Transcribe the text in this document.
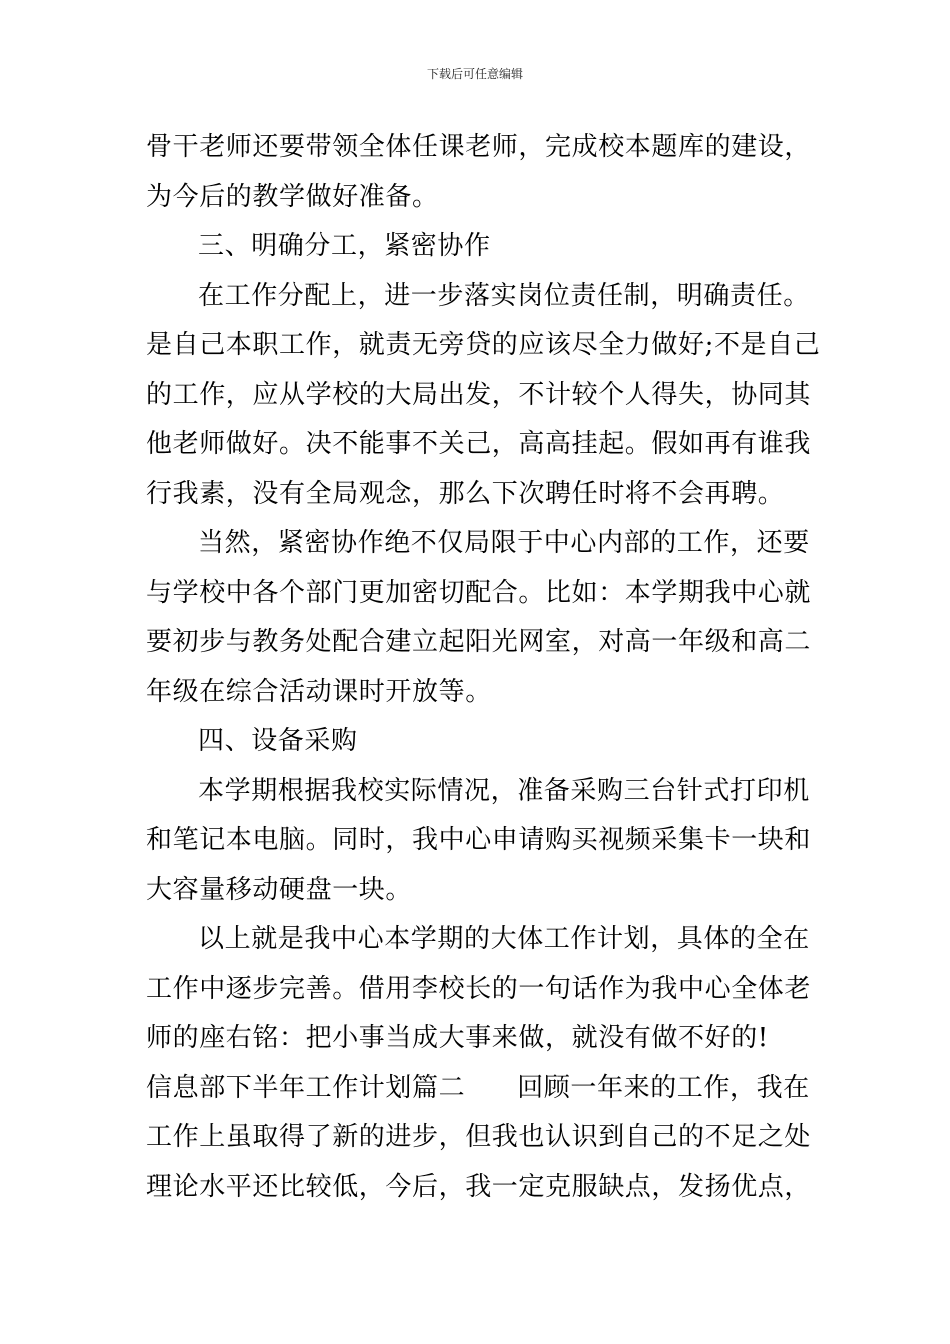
下载后可任意编辑
骨干老师还要带领全体任课老师，完成校本题库的建设，
为今后的教学做好准备。
三、明确分工，紧密协作
在工作分配上，进一步落实岗位责任制，明确责任。
是自己本职工作，就责无旁贷的应该尽全力做好;不是自己
的工作，应从学校的大局出发，不计较个人得失，协同其
他老师做好。决不能事不关己，高高挂起。假如再有谁我
行我素，没有全局观念，那么下次聘任时将不会再聘。
当然，紧密协作绝不仅局限于中心内部的工作，还要
与学校中各个部门更加密切配合。比如：本学期我中心就
要初步与教务处配合建立起阳光网室，对高一年级和高二
年级在综合活动课时开放等。
四、设备采购
本学期根据我校实际情况，准备采购三台针式打印机
和笔记本电脑。同时，我中心申请购买视频采集卡一块和
大容量移动硬盘一块。
以上就是我中心本学期的大体工作计划，具体的全在
工作中逐步完善。借用李校长的一句话作为我中心全体老
师的座右铭：把小事当成大事来做，就没有做不好的!
信息部下半年工作计划篇二 回顾一年来的工作，我在
工作上虽取得了新的进步，但我也认识到自己的不足之处
理论水平还比较低，今后，我一定克服缺点，发扬优点，
